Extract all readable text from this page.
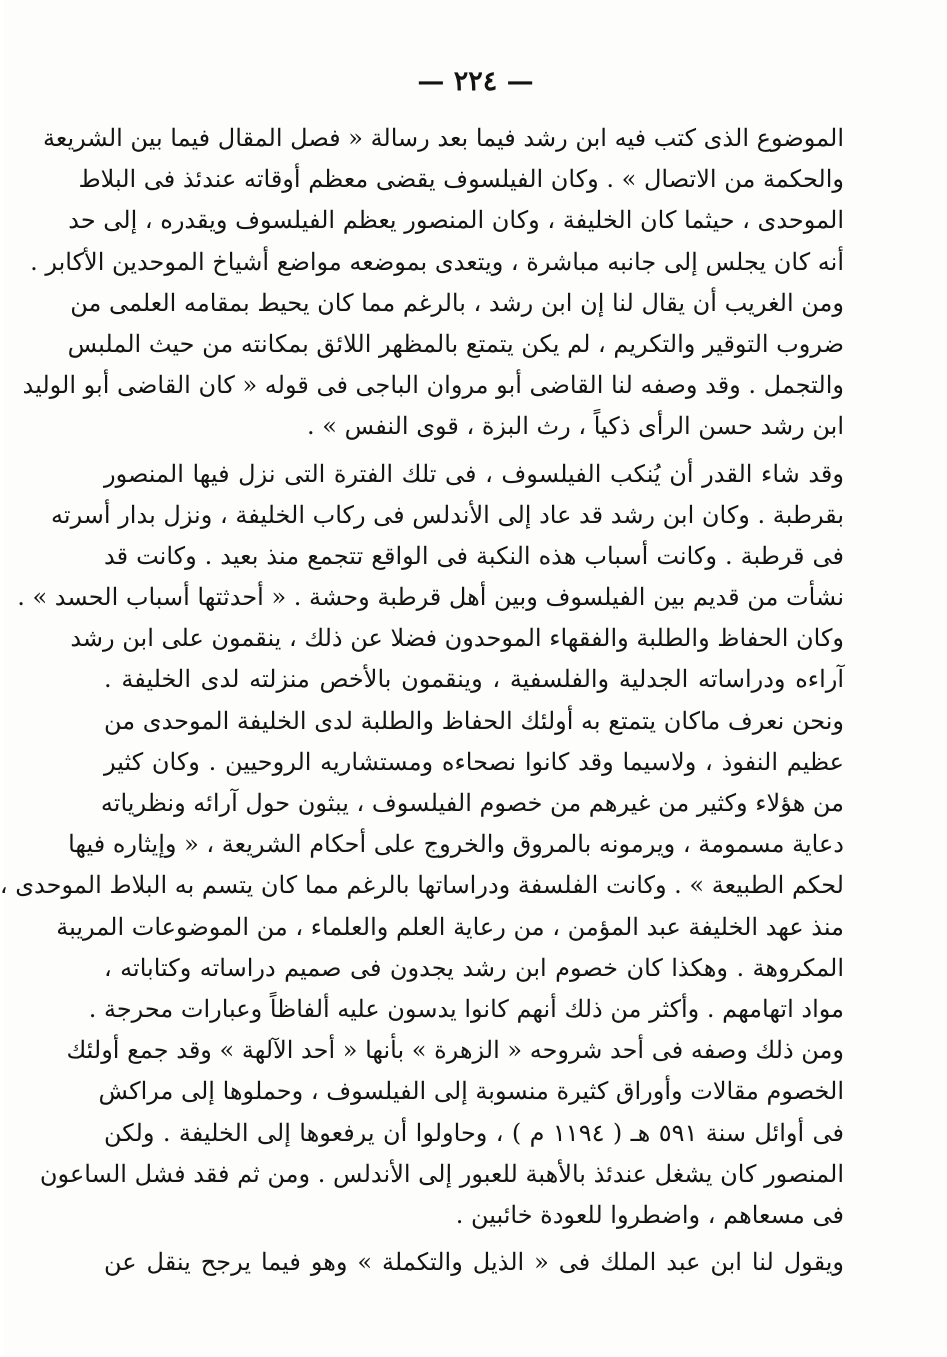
— ٢٢٤ —
الموضوع الذى كتب فيه ابن رشد فيما بعد رسالة « فصل المقال فيما بين الشريعة
والحكمة من الاتصال » . وكان الفيلسوف يقضى معظم أوقاته عندئذ فى البلاط
الموحدى ، حيثما كان الخليفة ، وكان المنصور يعظم الفيلسوف ويقدره ، إلى حد
أنه كان يجلس إلى جانبه مباشرة ، ويتعدى بموضعه مواضع أشياخ الموحدين الأكابر .
ومن الغريب أن يقال لنا إن ابن رشد ، بالرغم مما كان يحيط بمقامه العلمى من
ضروب التوقير والتكريم ، لم يكن يتمتع بالمظهر اللائق بمكانته من حيث الملبس
والتجمل . وقد وصفه لنا القاضى أبو مروان الباجى فى قوله « كان القاضى أبو الوليد
ابن رشد حسن الرأى ذكياً ، رث البزة ، قوى النفس » .
وقد شاء القدر أن يُنكب الفيلسوف ، فى تلك الفترة التى نزل فيها المنصور
بقرطبة . وكان ابن رشد قد عاد إلى الأندلس فى ركاب الخليفة ، ونزل بدار أسرته
فى قرطبة . وكانت أسباب هذه النكبة فى الواقع تتجمع منذ بعيد . وكانت قد
نشأت من قديم بين الفيلسوف وبين أهل قرطبة وحشة . « أحدثتها أسباب الحسد » .
وكان الحفاظ والطلبة والفقهاء الموحدون فضلا عن ذلك ، ينقمون على ابن رشد
آراءه ودراساته الجدلية والفلسفية ، وينقمون بالأخص منزلته لدى الخليفة .
ونحن نعرف ماكان يتمتع به أولئك الحفاظ والطلبة لدى الخليفة الموحدى من
عظيم النفوذ ، ولاسيما وقد كانوا نصحاءه ومستشاريه الروحيين . وكان كثير
من هؤلاء وكثير من غيرهم من خصوم الفيلسوف ، يبثون حول آرائه ونظرياته
دعاية مسمومة ، ويرمونه بالمروق والخروج على أحكام الشريعة ، « وإيثاره فيها
لحكم الطبيعة » . وكانت الفلسفة ودراساتها بالرغم مما كان يتسم به البلاط الموحدى ،
منذ عهد الخليفة عبد المؤمن ، من رعاية العلم والعلماء ، من الموضوعات المريبة
المكروهة . وهكذا كان خصوم ابن رشد يجدون فى صميم دراساته وكتاباته ،
مواد اتهامهم . وأكثر من ذلك أنهم كانوا يدسون عليه ألفاظاً وعبارات محرجة .
ومن ذلك وصفه فى أحد شروحه « الزهرة » بأنها « أحد الآلهة » وقد جمع أولئك
الخصوم مقالات وأوراق كثيرة منسوبة إلى الفيلسوف ، وحملوها إلى مراكش
فى أوائل سنة ٥٩١ هـ ( ١١٩٤ م ) ، وحاولوا أن يرفعوها إلى الخليفة . ولكن
المنصور كان يشغل عندئذ بالأهبة للعبور إلى الأندلس . ومن ثم فقد فشل الساعون
فى مسعاهم ، واضطروا للعودة خائبين .
ويقول لنا ابن عبد الملك فى « الذيل والتكملة » وهو فيما يرجح ينقل عن
